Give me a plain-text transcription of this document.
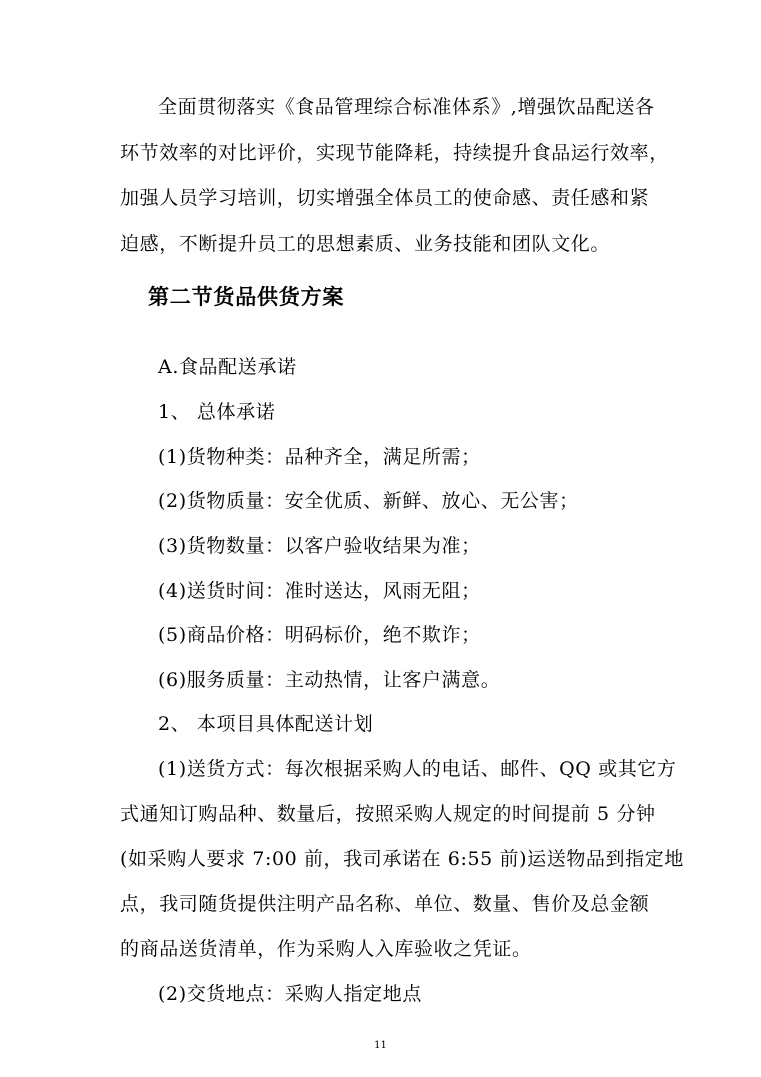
全面贯彻落实《食品管理综合标准体系》,增强饮品配送各
环节效率的对比评价，实现节能降耗，持续提升食品运行效率，
加强人员学习培训，切实增强全体员工的使命感、责任感和紧
迫感，不断提升员工的思想素质、业务技能和团队文化。
第二节货品供货方案
A.食品配送承诺
1、 总体承诺
(1)货物种类：品种齐全，满足所需；
(2)货物质量：安全优质、新鲜、放心、无公害；
(3)货物数量：以客户验收结果为准；
(4)送货时间：准时送达，风雨无阻；
(5)商品价格：明码标价，绝不欺诈；
(6)服务质量：主动热情，让客户满意。
2、 本项目具体配送计划
(1)送货方式：每次根据采购人的电话、邮件、QQ 或其它方
式通知订购品种、数量后，按照采购人规定的时间提前 5 分钟
(如采购人要求 7:00 前，我司承诺在 6:55 前)运送物品到指定地
点，我司随货提供注明产品名称、单位、数量、售价及总金额
的商品送货清单，作为采购人入库验收之凭证。
(2)交货地点：采购人指定地点
11
